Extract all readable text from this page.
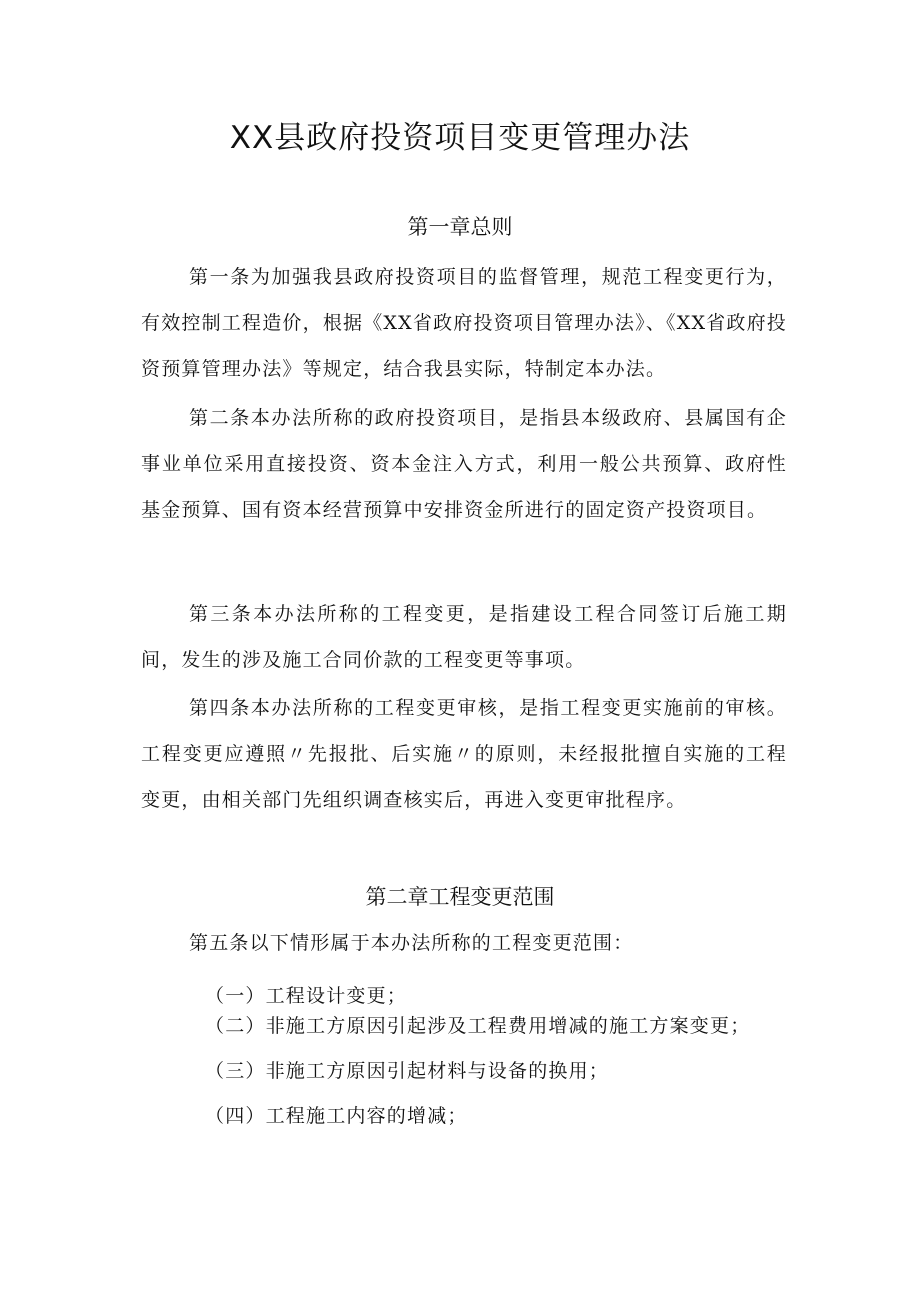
XX县政府投资项目变更管理办法
第一章总则

第一条为加强我县政府投资项目的监督管理，规范工程变更行为，有效控制工程造价，根据《XX省政府投资项目管理办法》、《XX省政府投资预算管理办法》等规定，结合我县实际，特制定本办法。

第二条本办法所称的政府投资项目，是指县本级政府、县属国有企事业单位采用直接投资、资本金注入方式，利用一般公共预算、政府性基金预算、国有资本经营预算中安排资金所进行的固定资产投资项目。

第三条本办法所称的工程变更，是指建设工程合同签订后施工期间，发生的涉及施工合同价款的工程变更等事项。

第四条本办法所称的工程变更审核，是指工程变更实施前的审核。工程变更应遵照〃先报批、后实施〃的原则，未经报批擅自实施的工程变更，由相关部门先组织调查核实后，再进入变更审批程序。

第二章工程变更范围

第五条以下情形属于本办法所称的工程变更范围：

（一）工程设计变更；

（二）非施工方原因引起涉及工程费用增减的施工方案变更；

（三）非施工方原因引起材料与设备的换用；

（四）工程施工内容的增减；
